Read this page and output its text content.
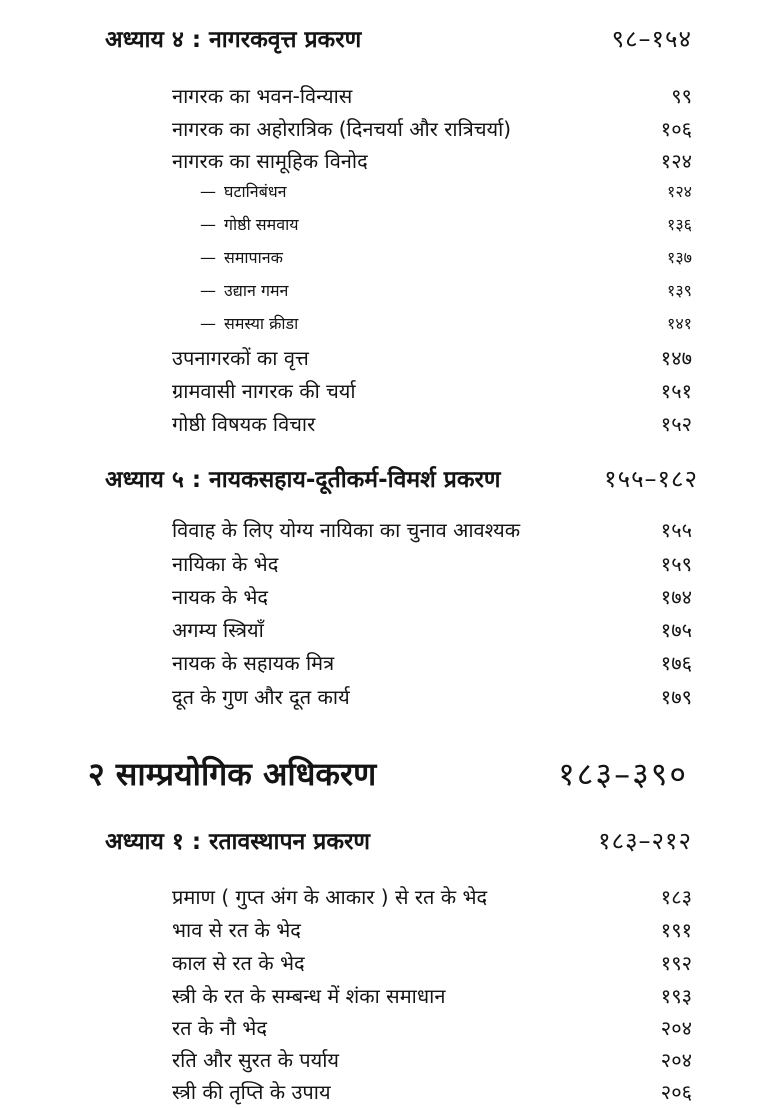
अध्याय ४ : नागरकवृत्त प्रकरण	९८–१५४
नागरक का भवन-विन्यास	९९
नागरक का अहोरात्रिक (दिनचर्या और रात्रिचर्या)	१०६
नागरक का सामूहिक विनोद	१२४
— घटानिबंधन	१२४
— गोष्ठी समवाय	१३६
— समापानक	१३७
— उद्यान गमन	१३९
— समस्या क्रीडा	१४१
उपनागरकों का वृत्त	१४७
ग्रामवासी नागरक की चर्या	१५१
गोष्ठी विषयक विचार	१५२
अध्याय ५ : नायकसहाय-दूतीकर्म-विमर्श प्रकरण	१५५–१८२
विवाह के लिए योग्य नायिका का चुनाव आवश्यक	१५५
नायिका के भेद	१५९
नायक के भेद	१७४
अगम्य स्त्रियाँ	१७५
नायक के सहायक मित्र	१७६
दूत के गुण और दूत कार्य	१७९
२ साम्प्रयोगिक अधिकरण	१८३–३९०
अध्याय १ : रतावस्थापन प्रकरण	१८३–२१२
प्रमाण ( गुप्त अंग के आकार ) से रत के भेद	१८३
भाव से रत के भेद	१९१
काल से रत के भेद	१९२
स्त्री के रत के सम्बन्ध में शंका समाधान	१९३
रत के नौ भेद	२०४
रति और सुरत के पर्याय	२०४
स्त्री की तृप्ति के उपाय	२०६
